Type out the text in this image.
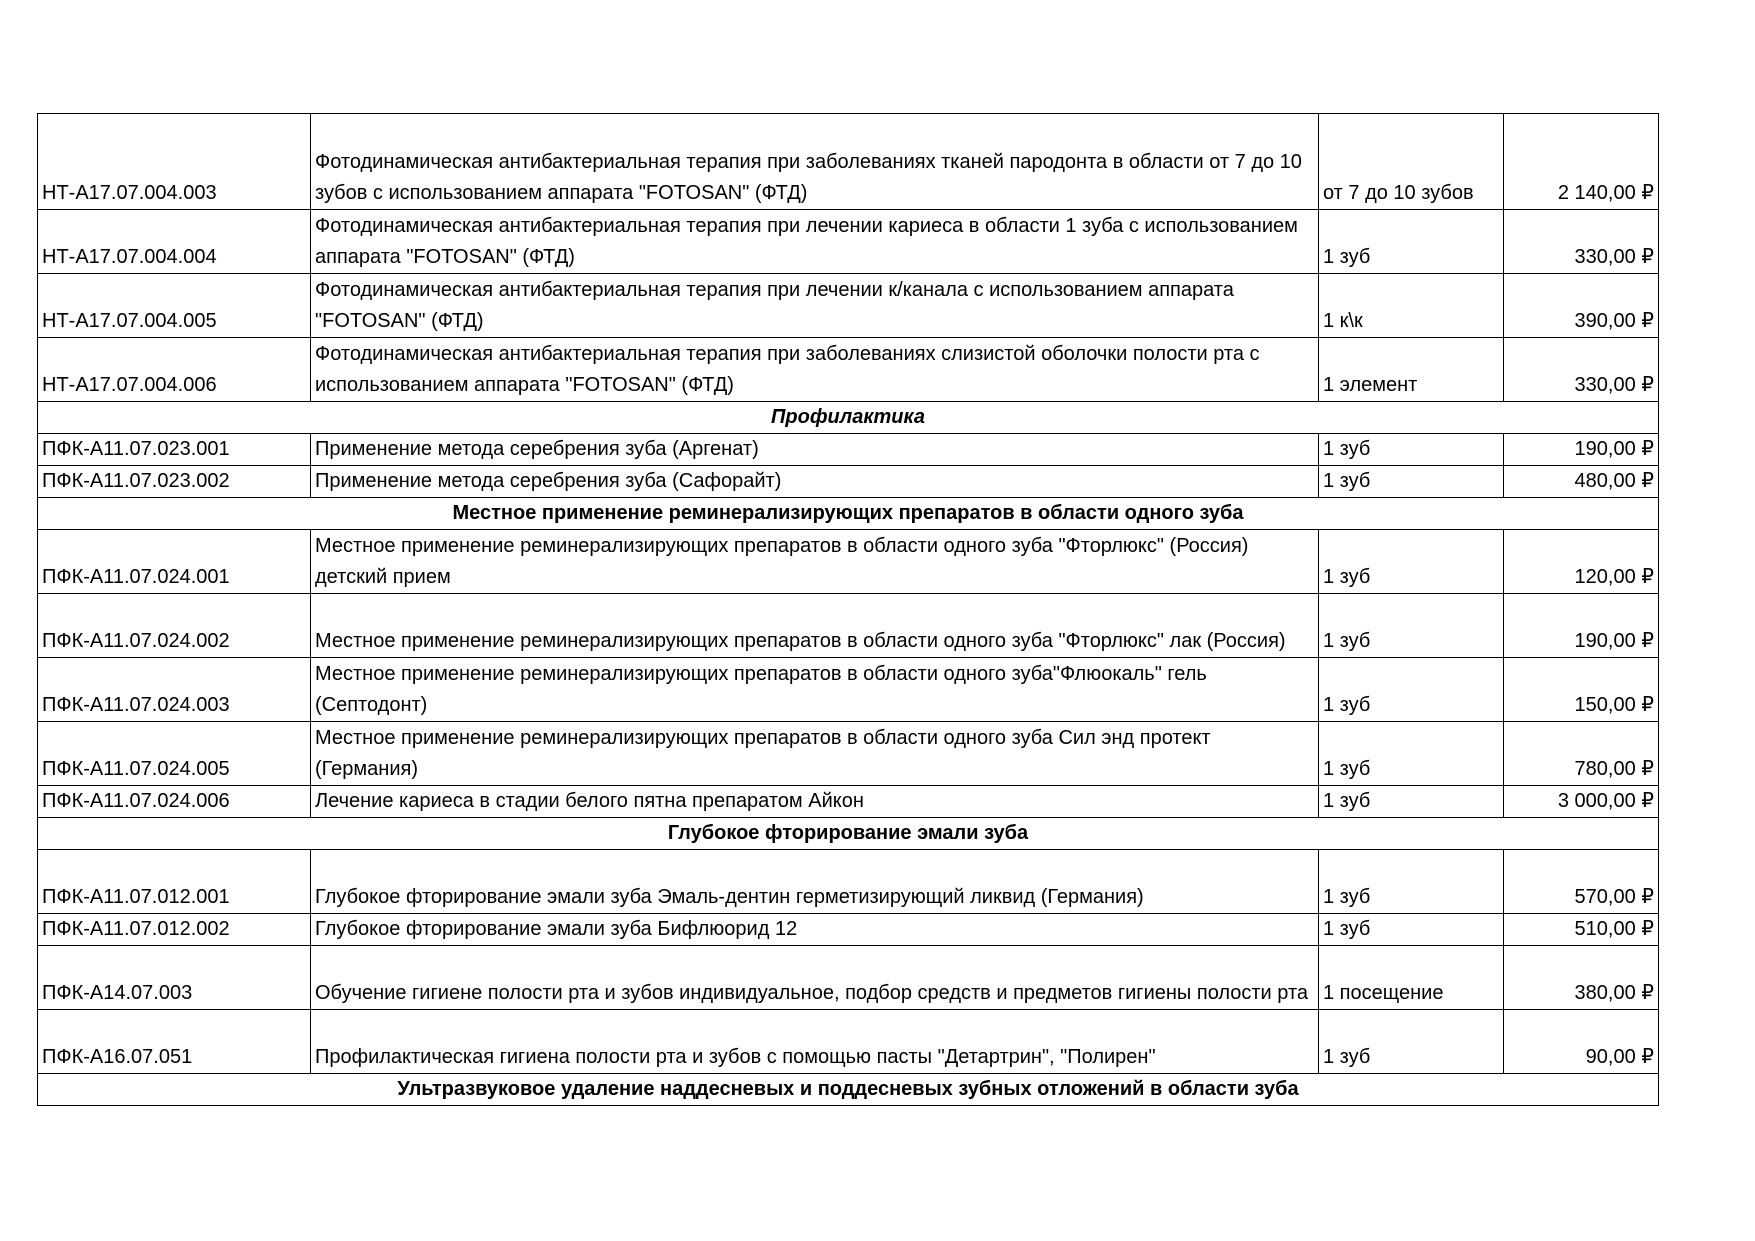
НТ-А17.07.004.003	Фотодинамическая антибактериальная терапия при заболеваниях тканей пародонта в области от 7 до 10 зубов с использованием аппарата "FOTOSAN" (ФТД)	от 7 до 10 зубов	2 140,00 ₽
НТ-А17.07.004.004	Фотодинамическая антибактериальная терапия при лечении кариеса в области 1 зуба с использованием аппарата "FOTOSAN" (ФТД)	1 зуб	330,00 ₽
НТ-А17.07.004.005	Фотодинамическая антибактериальная терапия при лечении к/канала с использованием аппарата "FOTOSAN" (ФТД)	1 к\к	390,00 ₽
НТ-А17.07.004.006	Фотодинамическая антибактериальная терапия при заболеваниях слизистой оболочки полости рта с использованием аппарата "FOTOSAN" (ФТД)	1 элемент	330,00 ₽
Профилактика			
ПФК-А11.07.023.001	Применение метода серебрения зуба (Аргенат)	1 зуб	190,00 ₽
ПФК-А11.07.023.002	Применение метода серебрения зуба (Сафорайт)	1 зуб	480,00 ₽
Местное применение реминерализирующих препаратов в области одного зуба			
ПФК-А11.07.024.001	Местное применение реминерализирующих препаратов в области одного зуба "Фторлюкс" (Россия) детский прием	1 зуб	120,00 ₽
ПФК-А11.07.024.002	Местное применение реминерализирующих препаратов в области одного зуба "Фторлюкс" лак (Россия)	1 зуб	190,00 ₽
ПФК-А11.07.024.003	Местное применение реминерализирующих препаратов в области одного зуба"Флюокаль" гель (Септодонт)	1 зуб	150,00 ₽
ПФК-А11.07.024.005	Местное применение реминерализирующих препаратов в области одного зуба Сил энд протект (Германия)	1 зуб	780,00 ₽
ПФК-А11.07.024.006	Лечение кариеса в стадии белого пятна препаратом Айкон	1 зуб	3 000,00 ₽
Глубокое фторирование эмали зуба			
ПФК-А11.07.012.001	Глубокое фторирование эмали зуба Эмаль-дентин герметизирующий ликвид (Германия)	1 зуб	570,00 ₽
ПФК-А11.07.012.002	Глубокое фторирование эмали зуба Бифлюорид 12	1 зуб	510,00 ₽
ПФК-А14.07.003	Обучение гигиене полости рта и зубов индивидуальное, подбор средств и предметов гигиены полости рта	1 посещение	380,00 ₽
ПФК-А16.07.051	Профилактическая гигиена полости рта и зубов с помощью пасты "Детартрин", "Полирен"	1 зуб	90,00 ₽
Ультразвуковое удаление наддесневых и поддесневых зубных отложений в области зуба			
